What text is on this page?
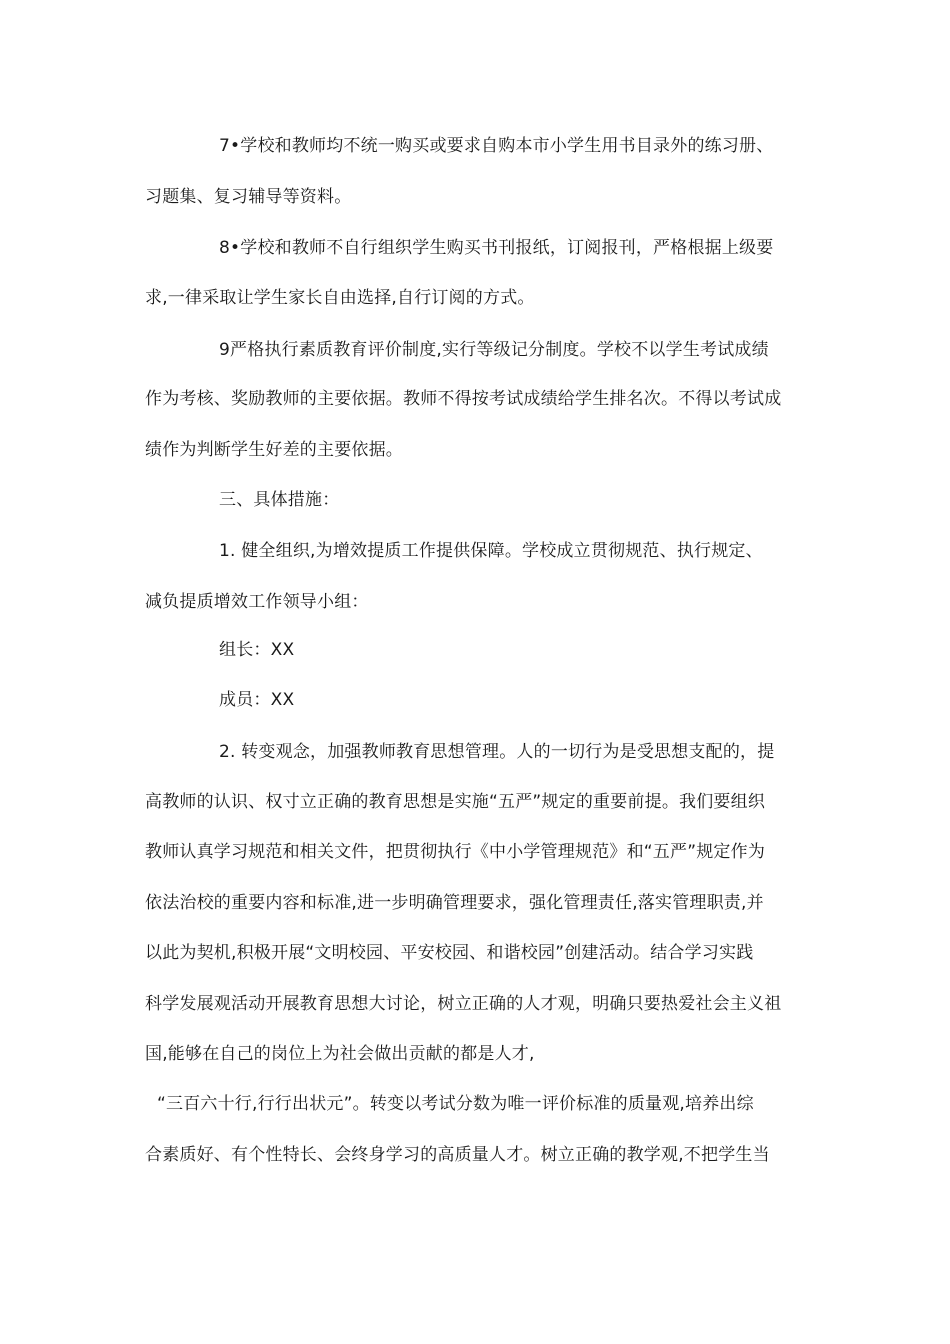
7•学校和教师均不统一购买或要求自购本市小学生用书目录外的练习册、
习题集、复习辅导等资料。
8•学校和教师不自行组织学生购买书刊报纸，订阅报刊，严格根据上级要
求,一律采取让学生家长自由选择,自行订阅的方式。
9严格执行素质教育评价制度,实行等级记分制度。学校不以学生考试成绩
作为考核、奖励教师的主要依据。教师不得按考试成绩给学生排名次。不得以考试成
绩作为判断学生好差的主要依据。
三、具体措施：
1. 健全组织,为增效提质工作提供保障。学校成立贯彻规范、执行规定、
减负提质增效工作领导小组：
组长：XX
成员：XX
2. 转变观念，加强教师教育思想管理。人的一切行为是受思想支配的，提
高教师的认识、权寸立正确的教育思想是实施“五严”规定的重要前提。我们要组织
教师认真学习规范和相关文件，把贯彻执行《中小学管理规范》和“五严”规定作为
依法治校的重要内容和标准,进一步明确管理要求，强化管理责任,落实管理职责,并
以此为契机,积极开展“文明校园、平安校园、和谐校园”创建活动。结合学习实践
科学发展观活动开展教育思想大讨论，树立正确的人才观，明确只要热爱社会主义祖
国,能够在自己的岗位上为社会做出贡献的都是人才,
“三百六十行,行行出状元”。转变以考试分数为唯一评价标准的质量观,培养出综
合素质好、有个性特长、会终身学习的高质量人才。树立正确的教学观,不把学生当
